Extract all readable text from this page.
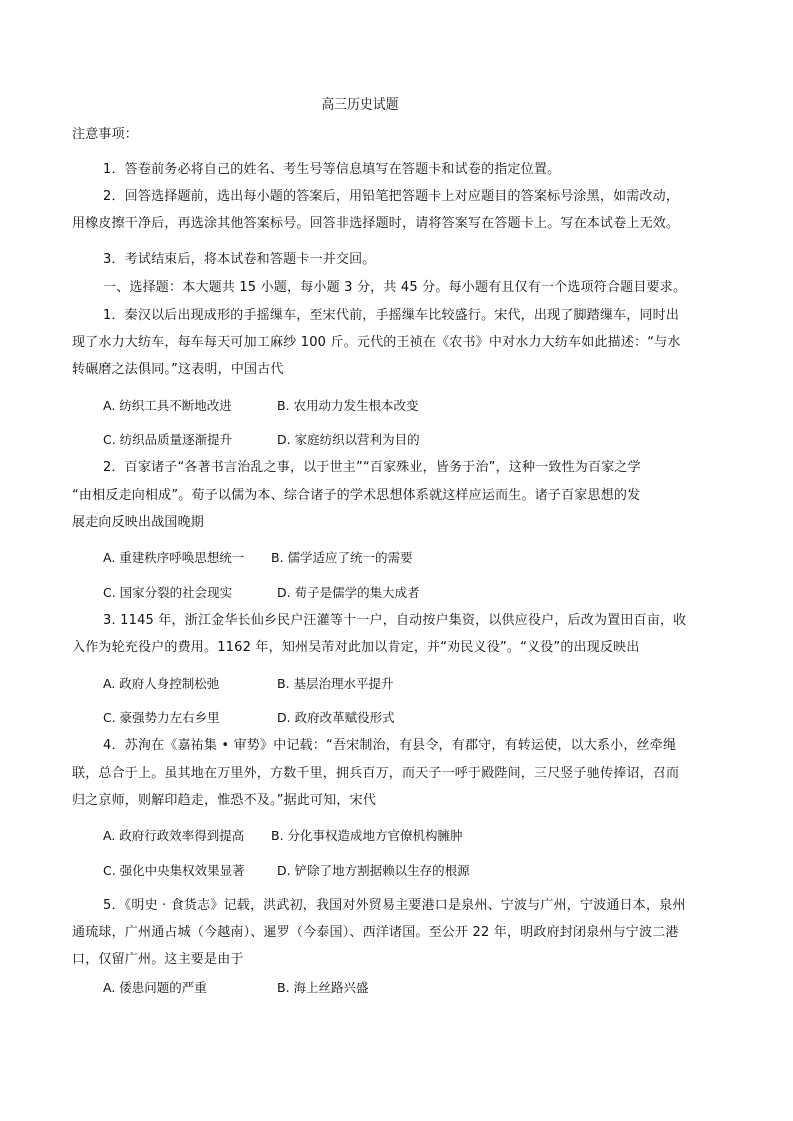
高三历史试题
注意事项：
1．答卷前务必将自己的姓名、考生号等信息填写在答题卡和试卷的指定位置。
2．回答选择题前，选出每小题的答案后，用铅笔把答题卡上对应题目的答案标号涂黑，如需改动，
用橡皮擦干净后，再选涂其他答案标号。回答非选择题时，请将答案写在答题卡上。写在本试卷上无效。
3．考试结束后，将本试卷和答题卡一并交回。
一、选择题：本大题共 15 小题，每小题 3 分，共 45 分。每小题有且仅有一个选项符合题目要求。
1．秦汉以后出现成形的手摇缫车，至宋代前，手摇缫车比较盛行。宋代，出现了脚踏缫车，同时出
现了水力大纺车，每车每天可加工麻纱 100 斤。元代的王祯在《农书》中对水力大纺车如此描述：“与水
转碾磨之法俱同。”这表明，中国古代
A. 纺织工具不断地改进	B. 农用动力发生根本改变
C. 纺织品质量逐渐提升	D. 家庭纺织以营利为目的
2．百家诸子“各著书言治乱之事，以于世主”“百家殊业，皆务于治”，这种一致性为百家之学
“由相反走向相成”。荀子以儒为本、综合诸子的学术思想体系就这样应运而生。诸子百家思想的发
展走向反映出战国晚期
A. 重建秩序呼唤思想统一 B. 儒学适应了统一的需要
C. 国家分裂的社会现实	D. 荀子是儒学的集大成者
3. 1145 年，浙江金华长仙乡民户汪灌等十一户，自动按户集资，以供应役户，后改为置田百亩，收
入作为轮充役户的费用。1162 年，知州吴芾对此加以肯定，并“劝民义役”。“义役”的出现反映出
A. 政府人身控制松弛	B. 基层治理水平提升
C. 豪强势力左右乡里	D. 政府改革赋役形式
4．苏洵在《嘉祐集 • 审势》中记载：“吾宋制治，有县令，有郡守，有转运使，以大系小，丝牵绳
联，总合于上。虽其地在万里外，方数千里，拥兵百万，而天子一呼于殿陛间，三尺竖子驰传捧诏，召而
归之京师，则解印趋走，惟恐不及。”据此可知，宋代
A. 政府行政效率得到提高 B. 分化事权造成地方官僚机构臃肿
C. 强化中央集权效果显著	D. 铲除了地方割据赖以生存的根源
5．《明史 · 食货志》记载，洪武初，我国对外贸易主要港口是泉州、宁波与广州，宁波通日本，泉州
通琉球，广州通占城（今越南）、暹罗（今泰国）、西洋诸国。至公开 22 年，明政府封闭泉州与宁波二港
口，仅留广州。这主要是由于
A. 倭患问题的严重	B. 海上丝路兴盛
